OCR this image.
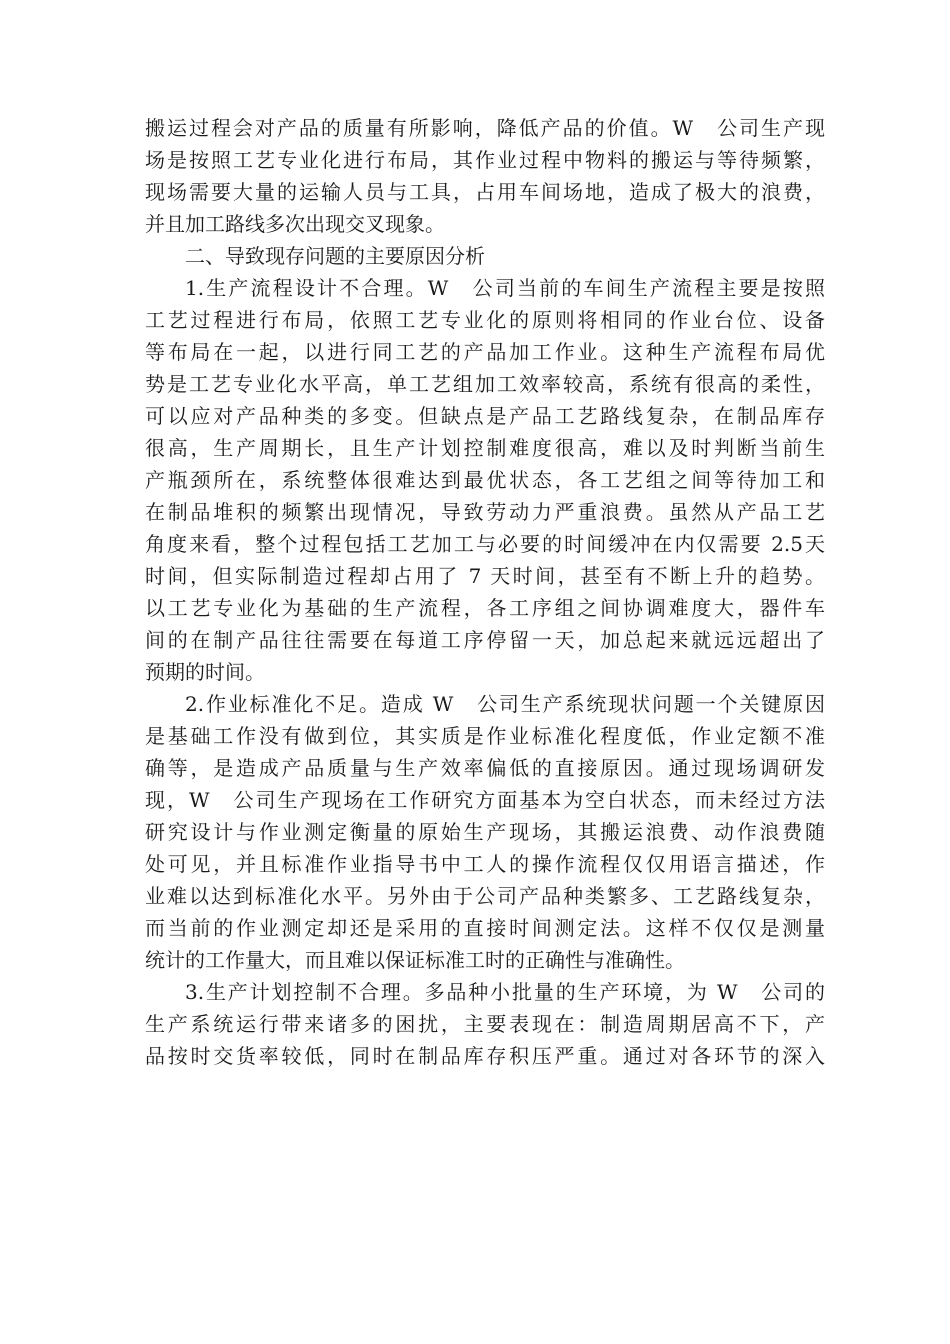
搬运过程会对产品的质量有所影响，降低产品的价值。W　公司生产现
场是按照工艺专业化进行布局，其作业过程中物料的搬运与等待频繁，
现场需要大量的运输人员与工具，占用车间场地，造成了极大的浪费，
并且加工路线多次出现交叉现象。
二、导致现存问题的主要原因分析
1.生产流程设计不合理。W　公司当前的车间生产流程主要是按照
工艺过程进行布局，依照工艺专业化的原则将相同的作业台位、设备
等布局在一起，以进行同工艺的产品加工作业。这种生产流程布局优
势是工艺专业化水平高，单工艺组加工效率较高，系统有很高的柔性，
可以应对产品种类的多变。但缺点是产品工艺路线复杂，在制品库存
很高，生产周期长，且生产计划控制难度很高，难以及时判断当前生
产瓶颈所在，系统整体很难达到最优状态，各工艺组之间等待加工和
在制品堆积的频繁出现情况，导致劳动力严重浪费。虽然从产品工艺
角度来看，整个过程包括工艺加工与必要的时间缓冲在内仅需要 2.5天
时间，但实际制造过程却占用了 7 天时间，甚至有不断上升的趋势。
以工艺专业化为基础的生产流程，各工序组之间协调难度大，器件车
间的在制产品往往需要在每道工序停留一天，加总起来就远远超出了
预期的时间。
2.作业标准化不足。造成 W　公司生产系统现状问题一个关键原因
是基础工作没有做到位，其实质是作业标准化程度低，作业定额不准
确等，是造成产品质量与生产效率偏低的直接原因。通过现场调研发
现，W　公司生产现场在工作研究方面基本为空白状态，而未经过方法
研究设计与作业测定衡量的原始生产现场，其搬运浪费、动作浪费随
处可见，并且标准作业指导书中工人的操作流程仅仅用语言描述，作
业难以达到标准化水平。另外由于公司产品种类繁多、工艺路线复杂，
而当前的作业测定却还是采用的直接时间测定法。这样不仅仅是测量
统计的工作量大，而且难以保证标准工时的正确性与准确性。
3.生产计划控制不合理。多品种小批量的生产环境，为 W　公司的
生产系统运行带来诸多的困扰，主要表现在：制造周期居高不下，产
品按时交货率较低，同时在制品库存积压严重。通过对各环节的深入
